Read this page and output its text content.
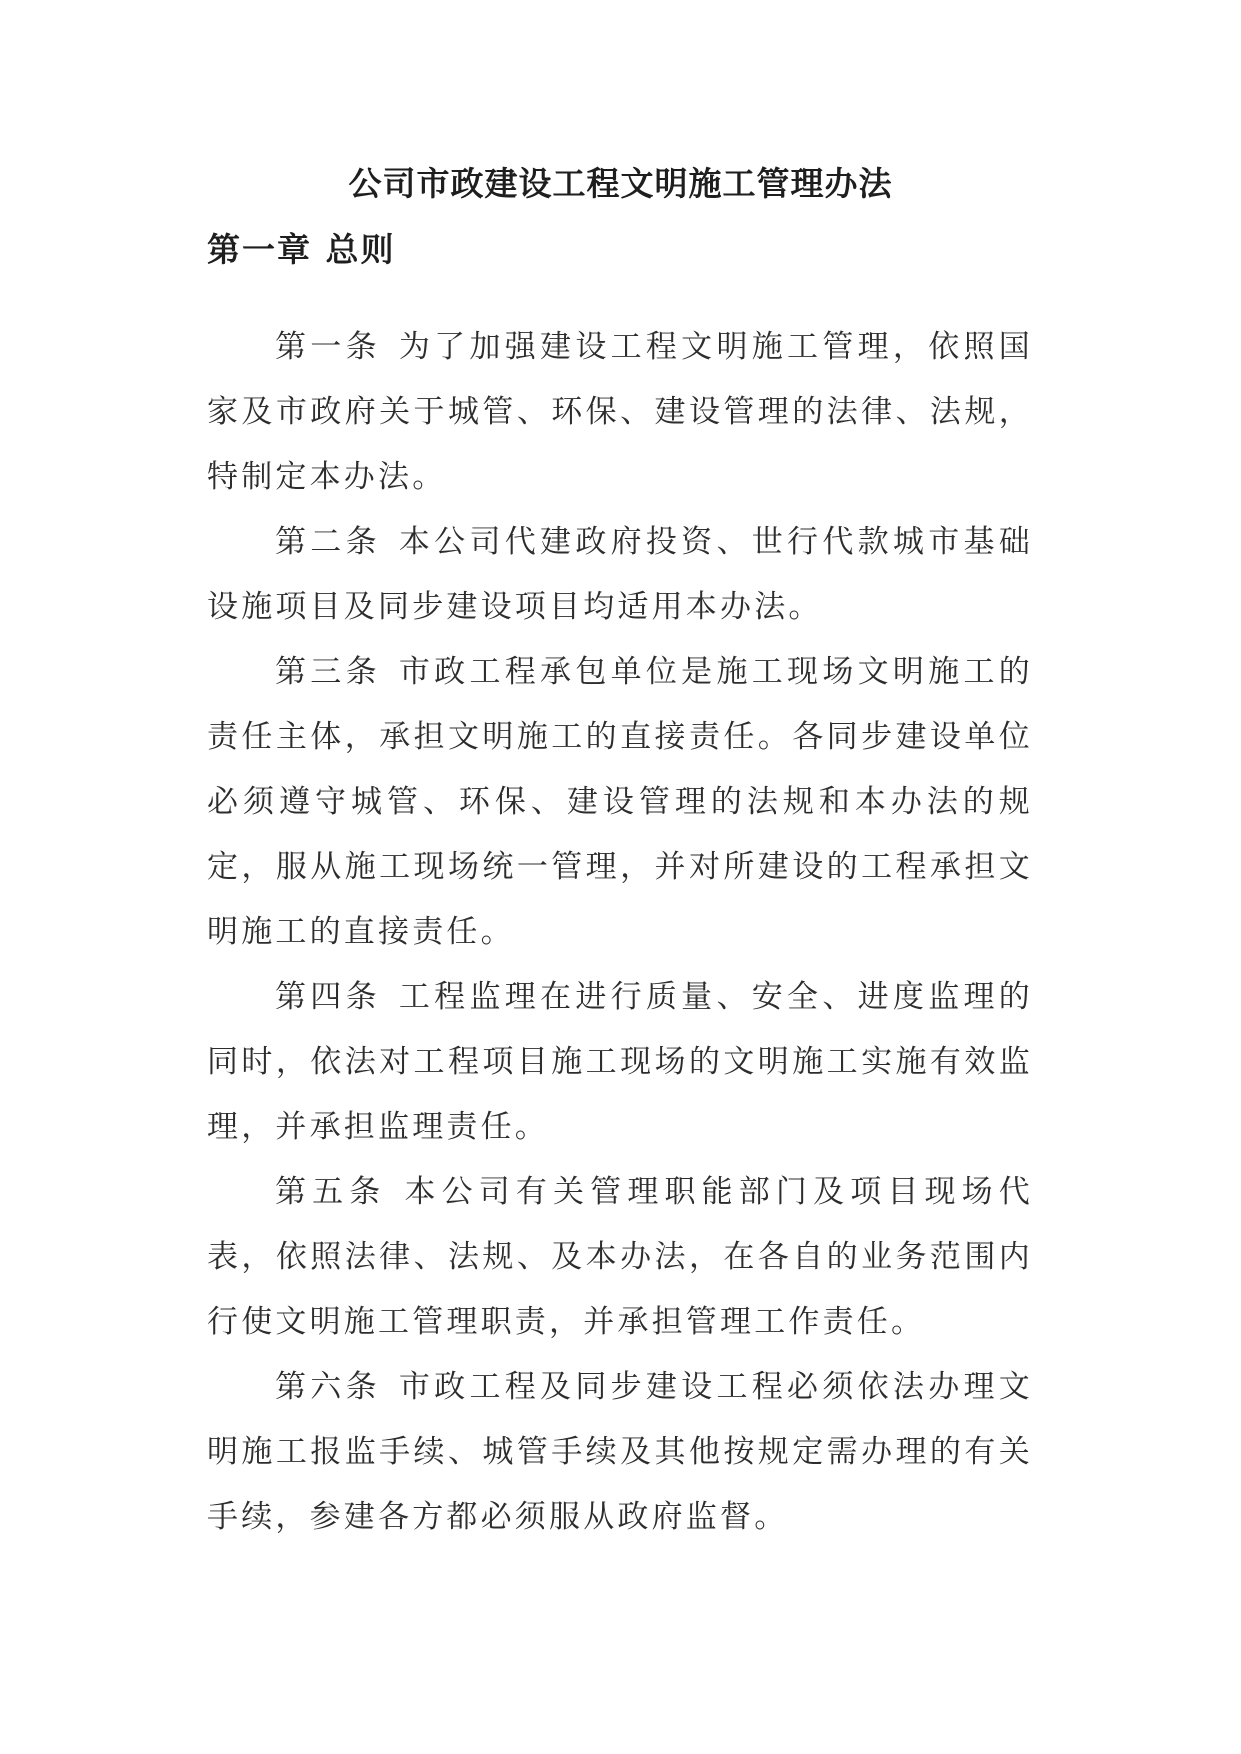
公司市政建设工程文明施工管理办法
第一章 总则

第一条 为了加强建设工程文明施工管理，依照国家及市政府关于城管、环保、建设管理的法律、法规，特制定本办法。

第二条 本公司代建政府投资、世行代款城市基础设施项目及同步建设项目均适用本办法。

第三条 市政工程承包单位是施工现场文明施工的责任主体，承担文明施工的直接责任。各同步建设单位必须遵守城管、环保、建设管理的法规和本办法的规定，服从施工现场统一管理，并对所建设的工程承担文明施工的直接责任。

第四条 工程监理在进行质量、安全、进度监理的同时，依法对工程项目施工现场的文明施工实施有效监理，并承担监理责任。

第五条 本公司有关管理职能部门及项目现场代表，依照法律、法规、及本办法，在各自的业务范围内行使文明施工管理职责，并承担管理工作责任。

第六条 市政工程及同步建设工程必须依法办理文明施工报监手续、城管手续及其他按规定需办理的有关手续，参建各方都必须服从政府监督。
